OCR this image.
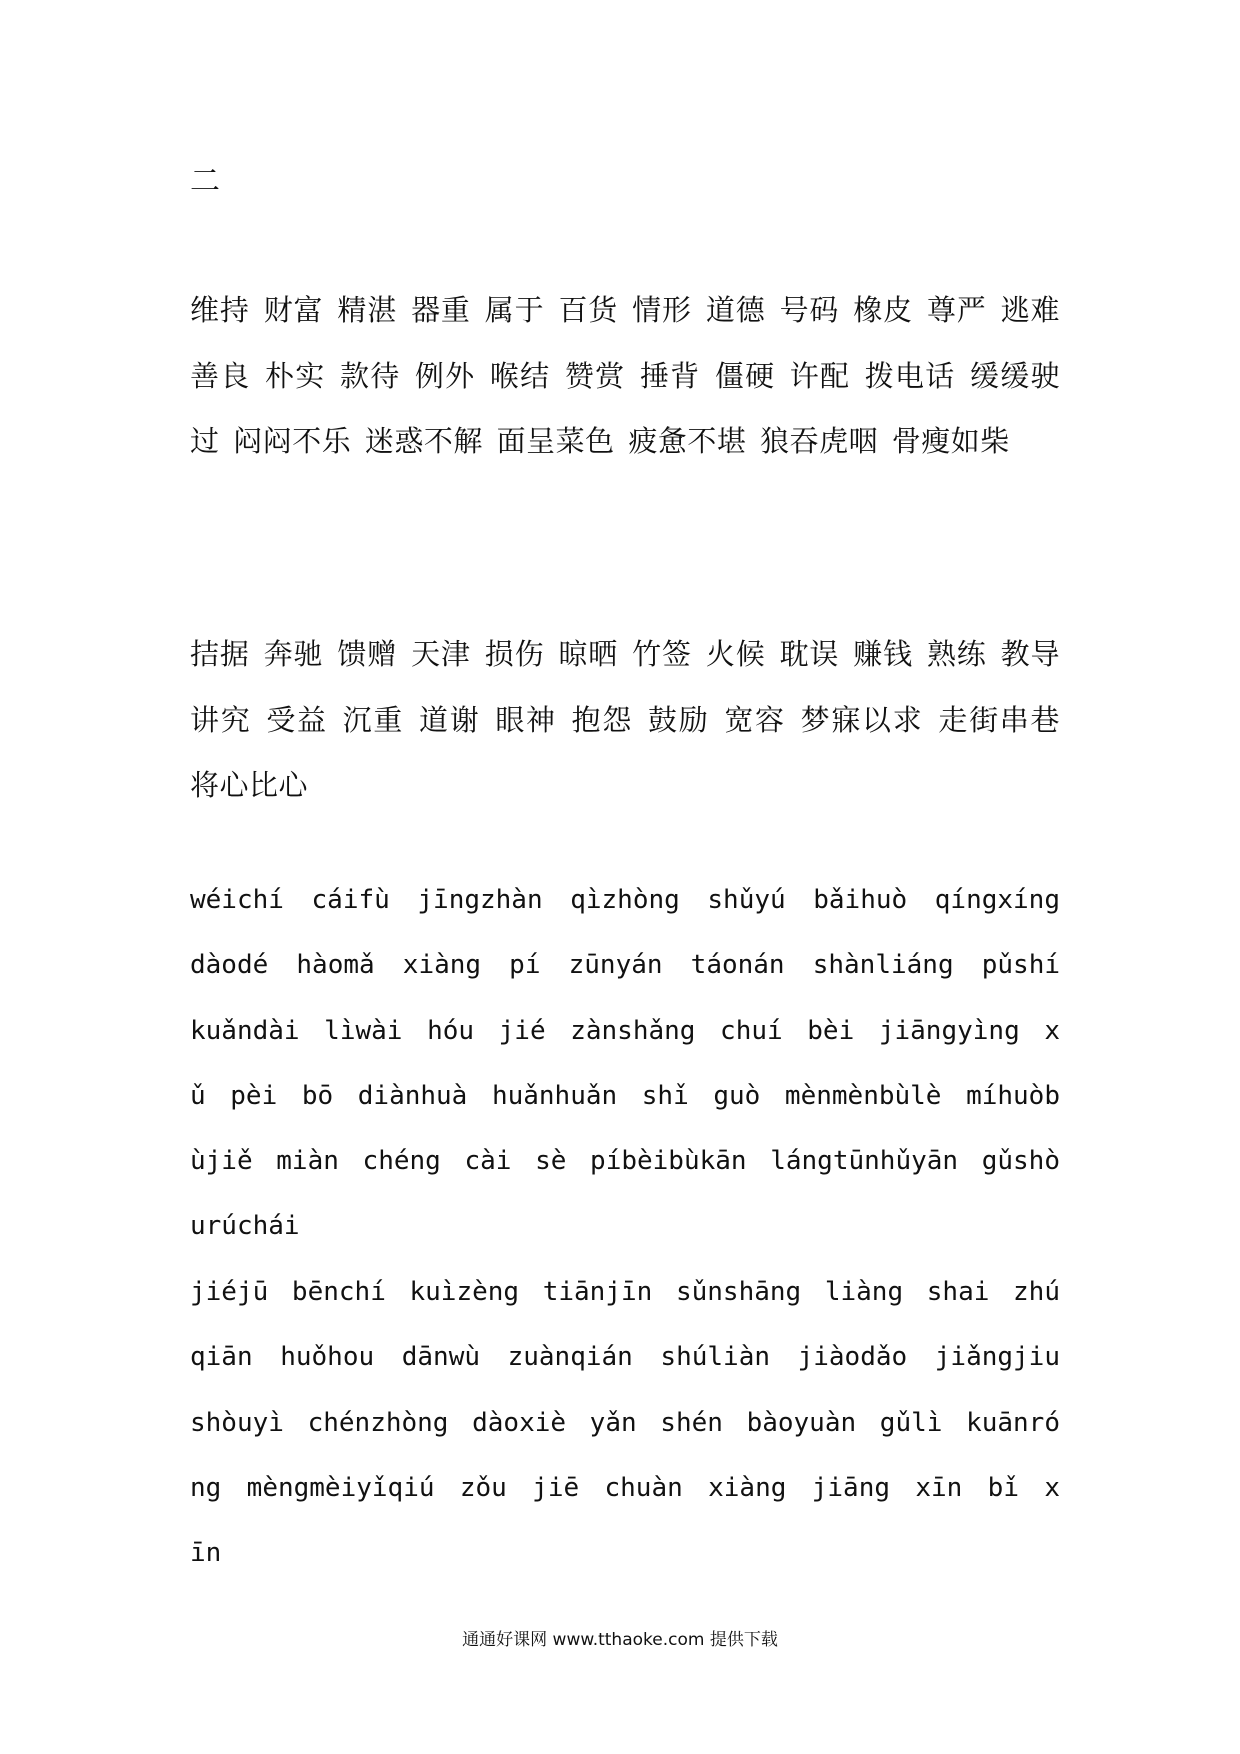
二
维持 财富 精湛 器重 属于 百货 情形 道德 号码 橡皮 尊严 逃难 善良 朴实 款待 例外 喉结 赞赏 捶背 僵硬 许配 拨电话 缓缓驶过 闷闷不乐 迷惑不解 面呈菜色 疲惫不堪 狼吞虎咽 骨瘦如柴
拮据 奔驰 馈赠 天津 损伤 晾晒 竹签 火候 耽误 赚钱 熟练 教导 讲究 受益 沉重 道谢 眼神 抱怨 鼓励 宽容 梦寐以求 走街串巷 将心比心
wéichí cáifù jīngzhàn qìzhòng shǔyú bǎihuò qíngxíng dàodé hàomǎ xiàng pí zūnyán táonán shànliáng pǔshí kuǎndài lìwài hóu jié zànshǎng chuí bèi jiāngyìng xǔ pèi bō diànhuà huǎnhuǎn shǐ guò mènmènbùlè míhuòbùjiě miàn chéng cài sè píbèibùkān lángtūnhǔyān gǔshòurúchái
jiéjū bēnchí kuìzèng tiānjīn sǔnshāng liàng shai zhú qiān huǒhou dānwù zuànqián shúliàn jiàodǎo jiǎngjiu shòuyì chénzhòng dàoxiè yǎn shén bàoyuàn gǔlì kuānróng mèngmèiyǐqiú zǒu jiē chuàn xiàng jiāng xīn bǐ xīn
通通好课网 www.tthaoke.com 提供下载
